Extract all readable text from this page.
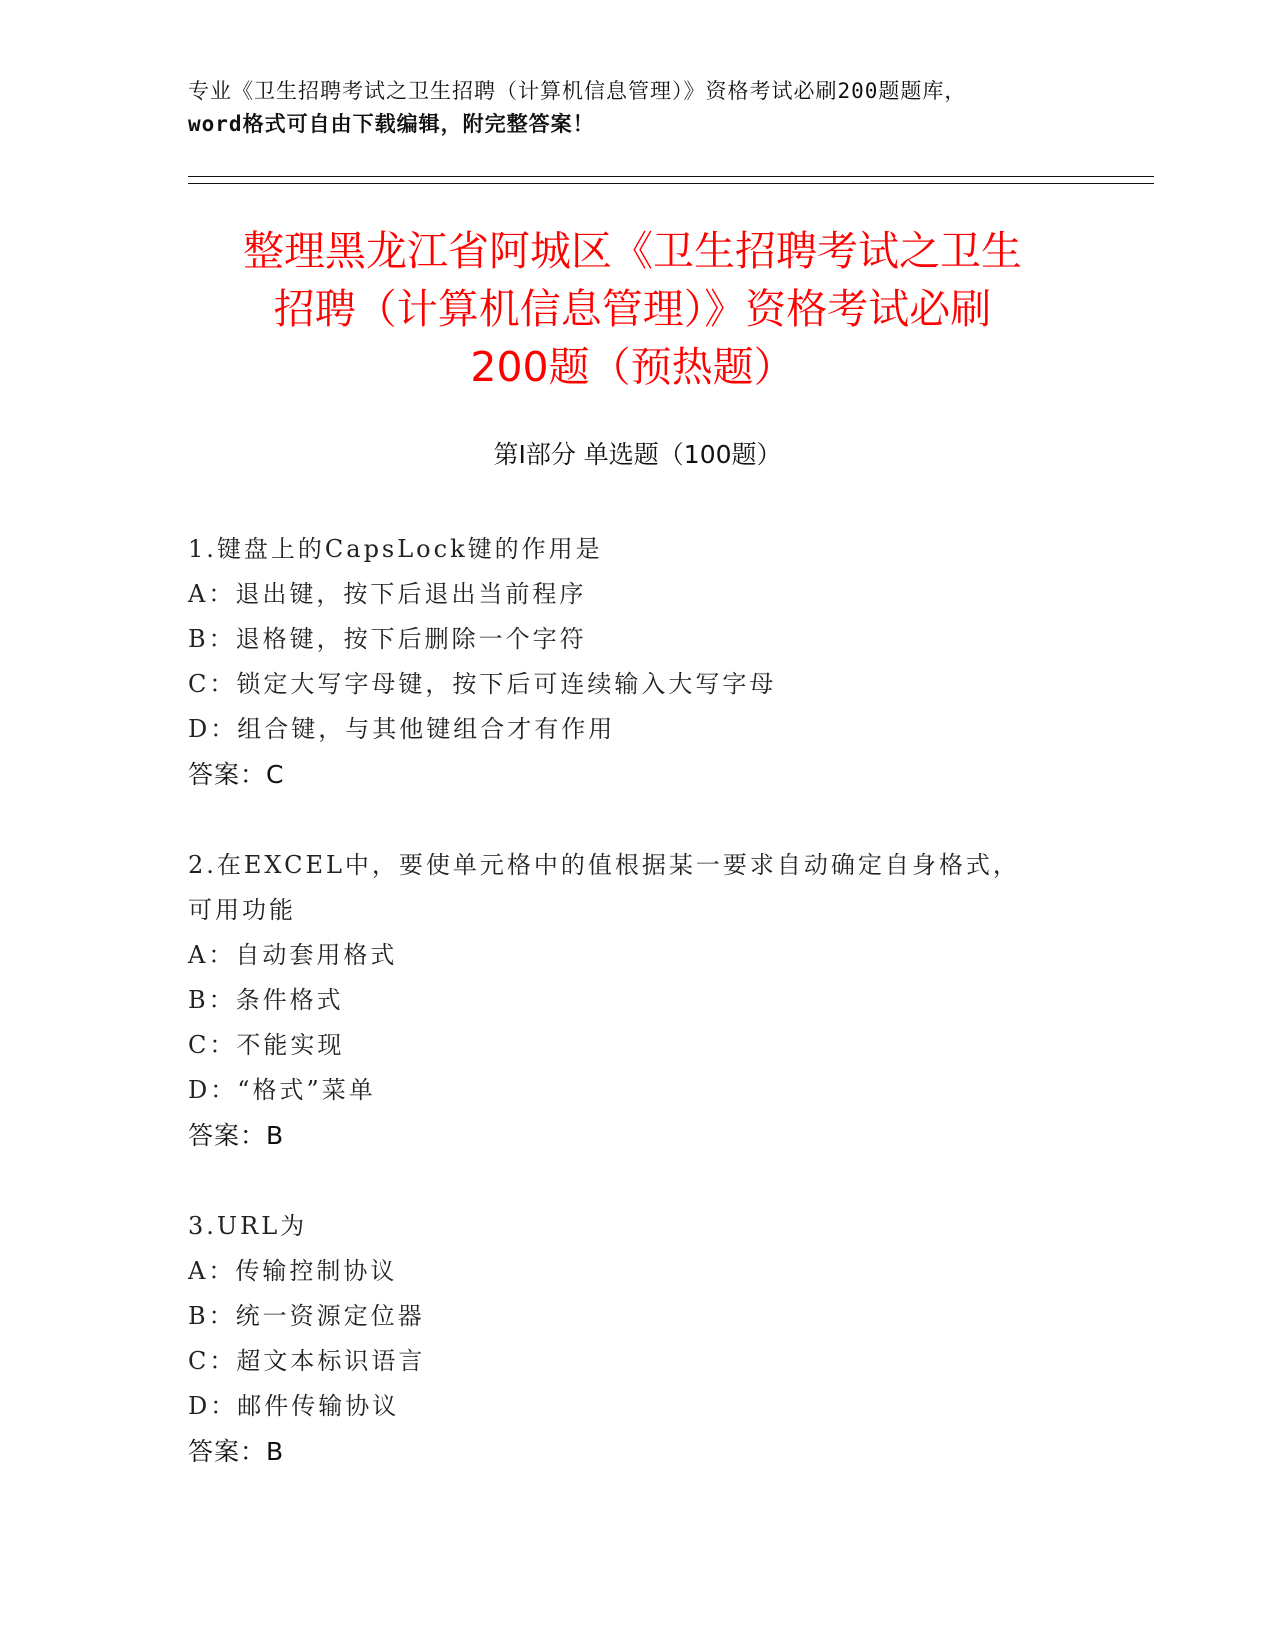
专业《卫生招聘考试之卫生招聘（计算机信息管理）》资格考试必刷200题题库，
word格式可自由下载编辑，附完整答案！
整理黑龙江省阿城区《卫生招聘考试之卫生
招聘（计算机信息管理）》资格考试必刷
200题（预热题）
第Ⅰ部分 单选题（100题）
1.键盘上的CapsLock键的作用是
A：退出键，按下后退出当前程序
B：退格键，按下后删除一个字符
C：锁定大写字母键，按下后可连续输入大写字母
D：组合键，与其他键组合才有作用
答案：C
2.在EXCEL中，要使单元格中的值根据某一要求自动确定自身格式，
可用功能
A：自动套用格式
B：条件格式
C：不能实现
D：“格式”菜单
答案：B
3.URL为
A：传输控制协议
B：统一资源定位器
C：超文本标识语言
D：邮件传输协议
答案：B
